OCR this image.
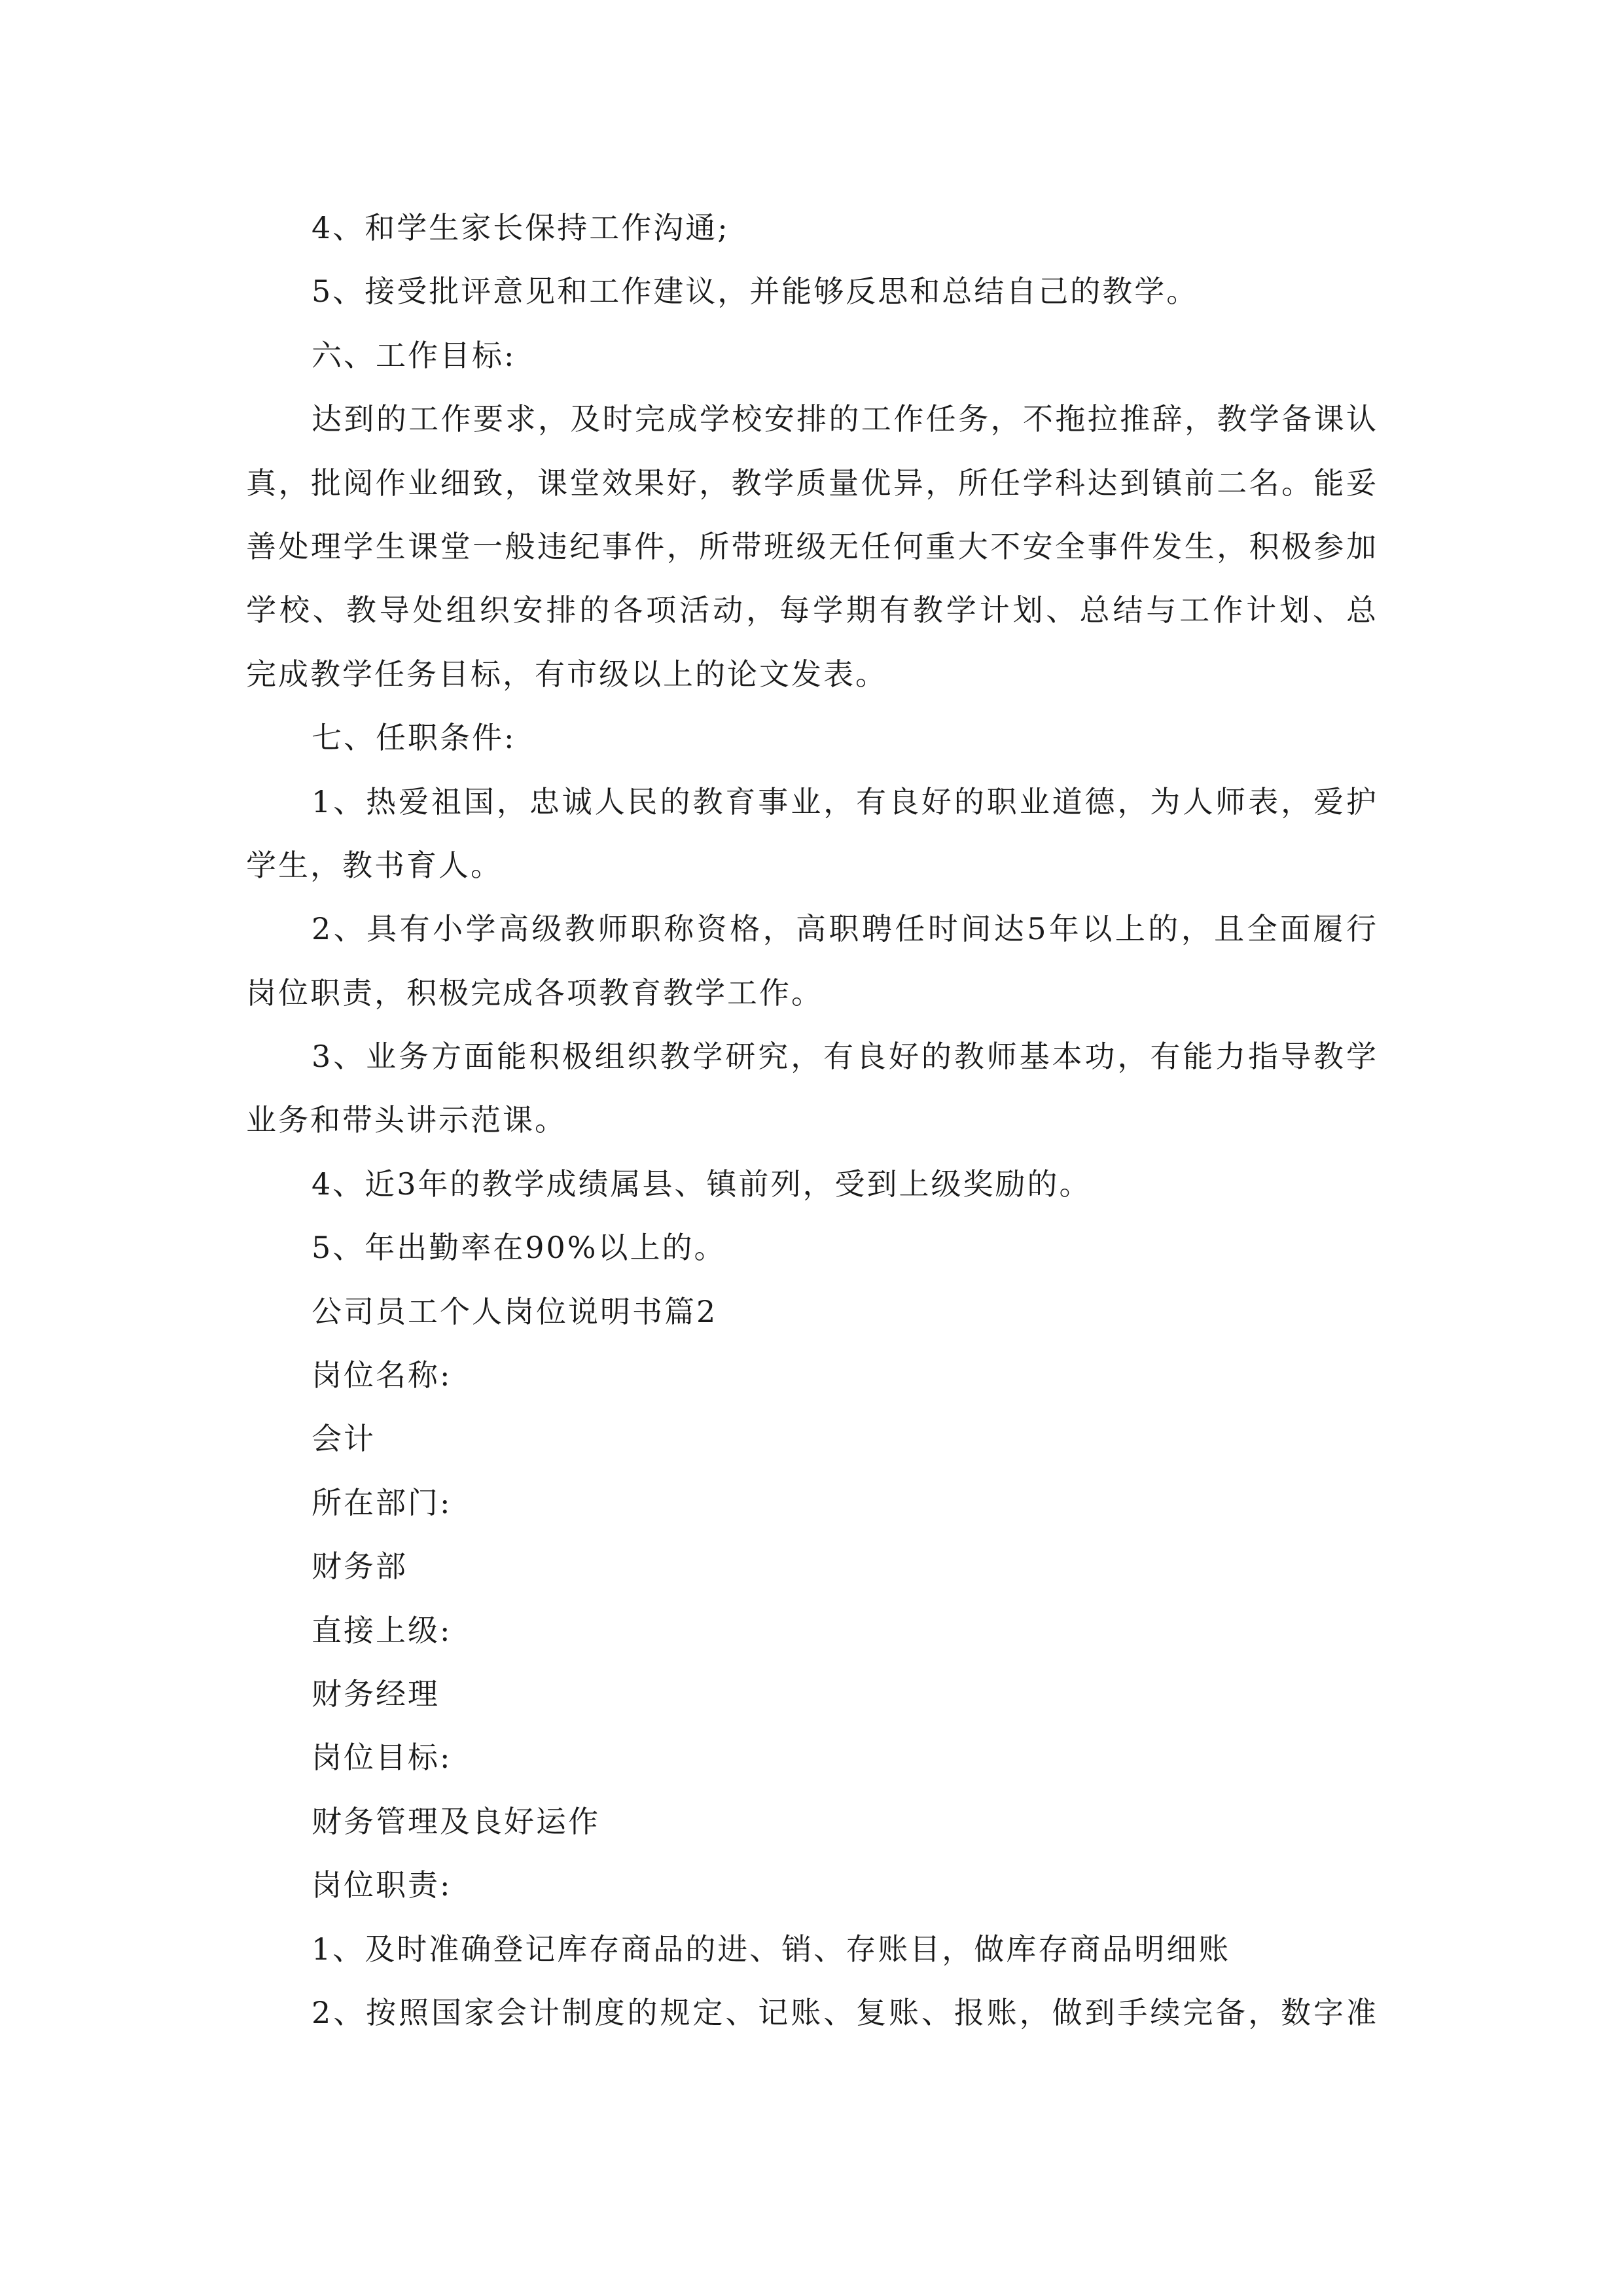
4、和学生家长保持工作沟通;
5、接受批评意见和工作建议，并能够反思和总结自己的教学。
六、工作目标:
达到的工作要求，及时完成学校安排的工作任务，不拖拉推辞，教学备课认
真，批阅作业细致，课堂效果好，教学质量优异，所任学科达到镇前二名。能妥
善处理学生课堂一般违纪事件，所带班级无任何重大不安全事件发生，积极参加
学校、教导处组织安排的各项活动，每学期有教学计划、总结与工作计划、总
完成教学任务目标，有市级以上的论文发表。
七、任职条件:
1、热爱祖国，忠诚人民的教育事业，有良好的职业道德，为人师表，爱护
学生，教书育人。
2、具有小学高级教师职称资格，高职聘任时间达5年以上的，且全面履行
岗位职责，积极完成各项教育教学工作。
3、业务方面能积极组织教学研究，有良好的教师基本功，有能力指导教学
业务和带头讲示范课。
4、近3年的教学成绩属县、镇前列，受到上级奖励的。
5、年出勤率在90%以上的。
公司员工个人岗位说明书篇2
岗位名称:
会计
所在部门:
财务部
直接上级:
财务经理
岗位目标:
财务管理及良好运作
岗位职责:
1、及时准确登记库存商品的进、销、存账目，做库存商品明细账
2、按照国家会计制度的规定、记账、复账、报账，做到手续完备，数字准
